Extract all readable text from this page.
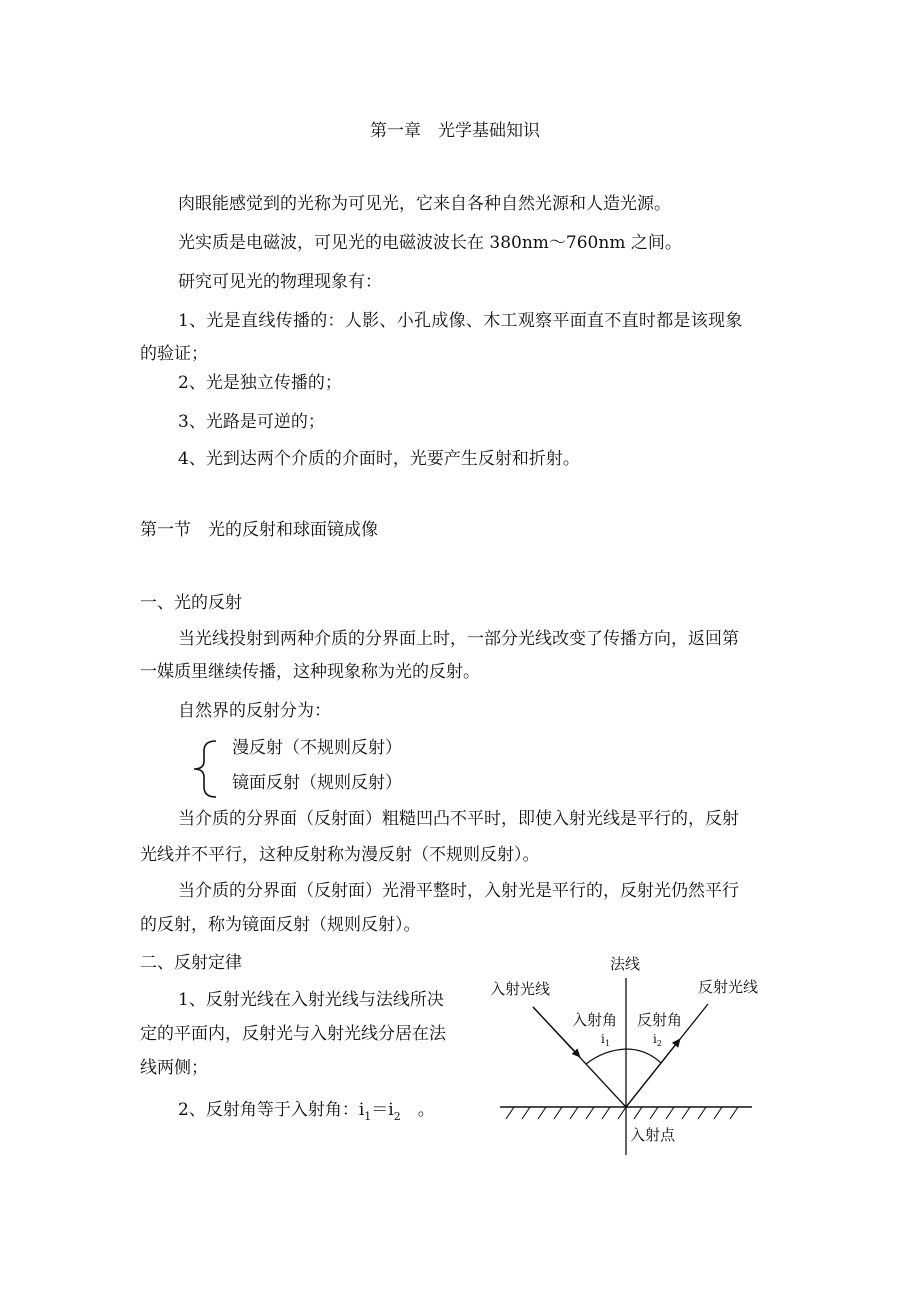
第一章　光学基础知识
肉眼能感觉到的光称为可见光，它来自各种自然光源和人造光源。
光实质是电磁波，可见光的电磁波波长在 380nm～760nm 之间。
研究可见光的物理现象有：
1、光是直线传播的：人影、小孔成像、木工观察平面直不直时都是该现象
的验证；
2、光是独立传播的；
3、光路是可逆的；
4、光到达两个介质的介面时，光要产生反射和折射。
第一节　光的反射和球面镜成像
一、光的反射
当光线投射到两种介质的分界面上时，一部分光线改变了传播方向，返回第
一媒质里继续传播，这种现象称为光的反射。
自然界的反射分为：
漫反射（不规则反射）
镜面反射（规则反射）
当介质的分界面（反射面）粗糙凹凸不平时，即使入射光线是平行的，反射
光线并不平行，这种反射称为漫反射（不规则反射）。
当介质的分界面（反射面）光滑平整时，入射光是平行的，反射光仍然平行
的反射，称为镜面反射（规则反射）。
二、反射定律
1、反射光线在入射光线与法线所决
定的平面内，反射光与入射光线分居在法
线两侧；
2、反射角等于入射角：$i_1=i_2$　。
法线
入射光线	反射光线
入射角 反射角
$i_1$	$i_2$
入射点
